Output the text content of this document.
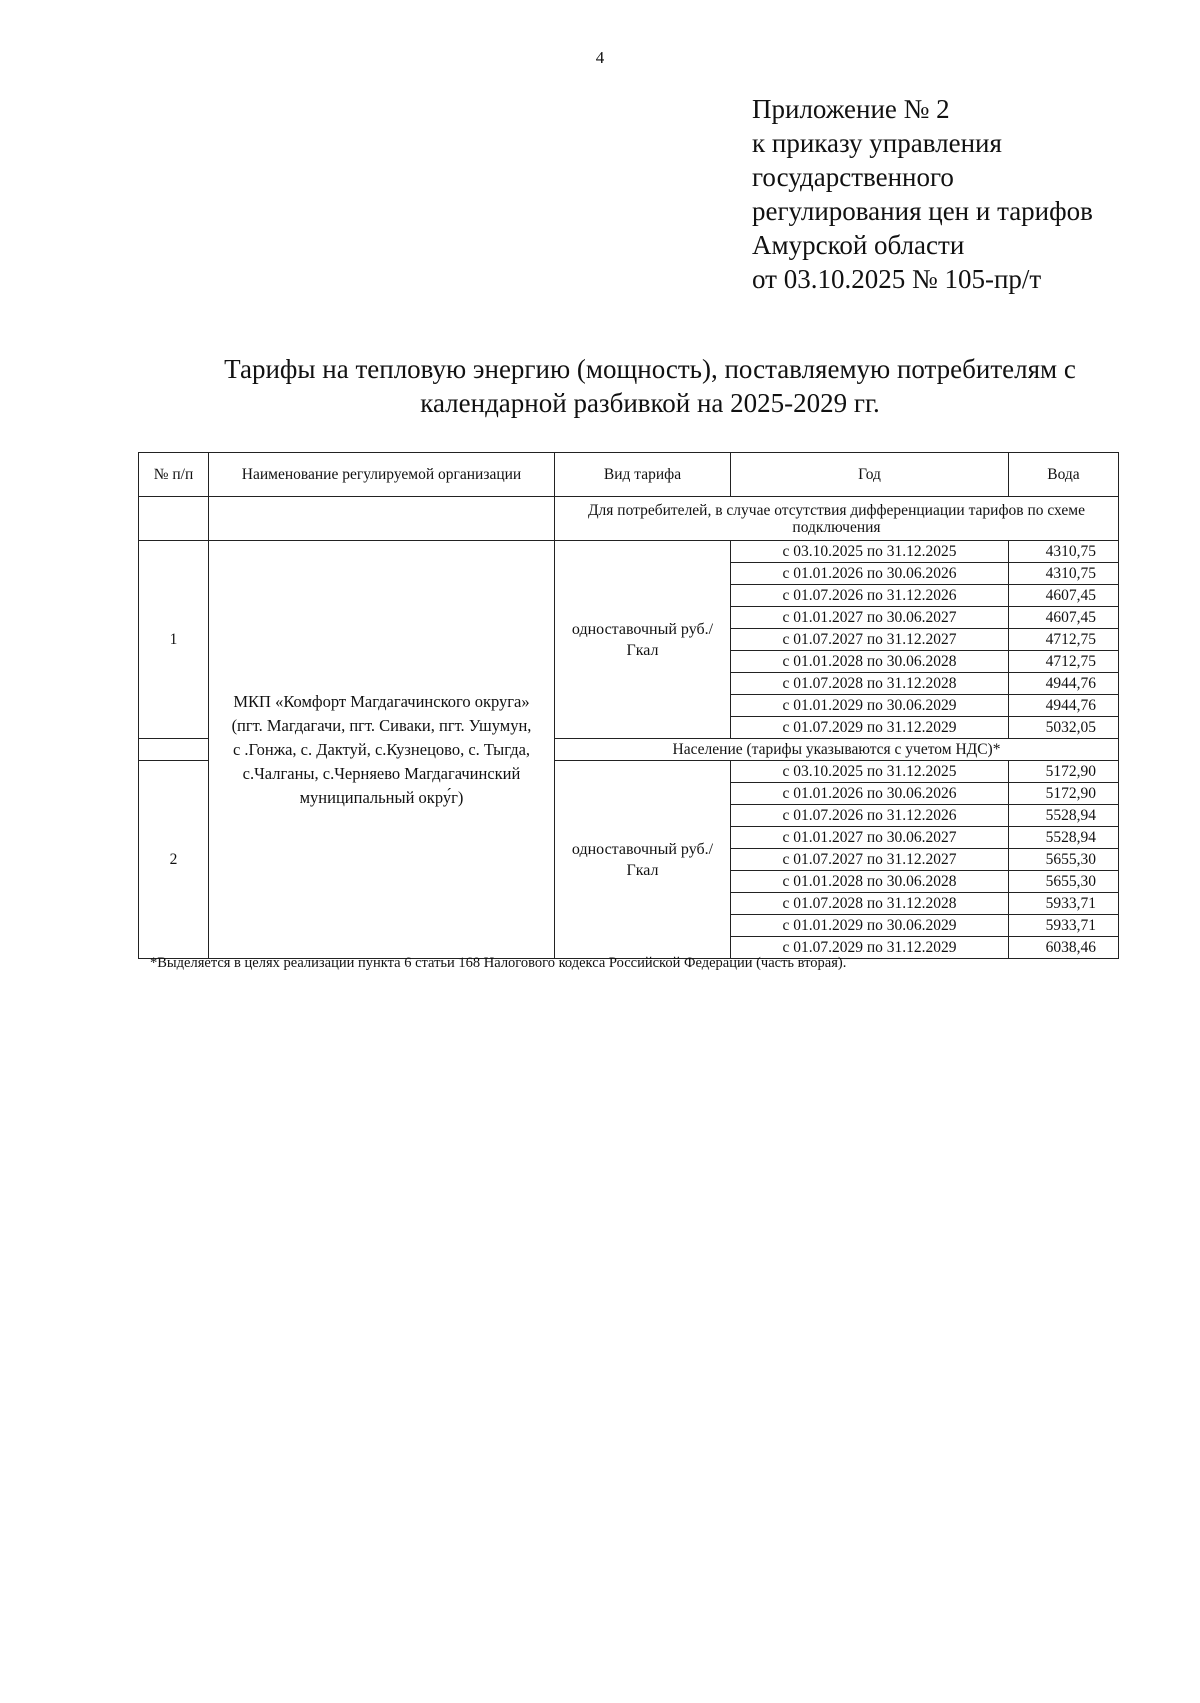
4
Приложение № 2
к приказу управления
государственного
регулирования цен и тарифов
Амурской области
от 03.10.2025 № 105-пр/т
Тарифы на тепловую энергию (мощность), поставляемую потребителям с
календарной разбивкой на 2025-2029 гг.
№ п/п	Наименование регулируемой организации	Вид тарифа	Год	Вода
		Для потребителей, в случае отсутствия дифференциации тарифов по схеме подключения		
1	МКП «Комфорт Магдагачинского округа» (пгт. Магдагачи, пгт. Сиваки, пгт. Ушумун, с .Гонжа, с. Дактуй, с.Кузнецово, с. Тыгда, с.Чалганы, с.Черняево Магдагачинский муниципальный окру́г)	одноставочный руб./Гкал	с 03.10.2025 по 31.12.2025	4310,75
			с 01.01.2026 по 30.06.2026	4310,75
			с 01.07.2026 по 31.12.2026	4607,45
			с 01.01.2027 по 30.06.2027	4607,45
			с 01.07.2027 по 31.12.2027	4712,75
			с 01.01.2028 по 30.06.2028	4712,75
			с 01.07.2028 по 31.12.2028	4944,76
			с 01.01.2029 по 30.06.2029	4944,76
			с 01.07.2029 по 31.12.2029	5032,05
		Население (тарифы указываются с учетом НДС)*		
2		одноставочный руб./Гкал	с 03.10.2025 по 31.12.2025	5172,90
			с 01.01.2026 по 30.06.2026	5172,90
			с 01.07.2026 по 31.12.2026	5528,94
			с 01.01.2027 по 30.06.2027	5528,94
			с 01.07.2027 по 31.12.2027	5655,30
			с 01.01.2028 по 30.06.2028	5655,30
			с 01.07.2028 по 31.12.2028	5933,71
			с 01.01.2029 по 30.06.2029	5933,71
			с 01.07.2029 по 31.12.2029	6038,46
*Выделяется в целях реализации пункта 6 статьи 168 Налогового кодекса Российской Федерации (часть вторая).
